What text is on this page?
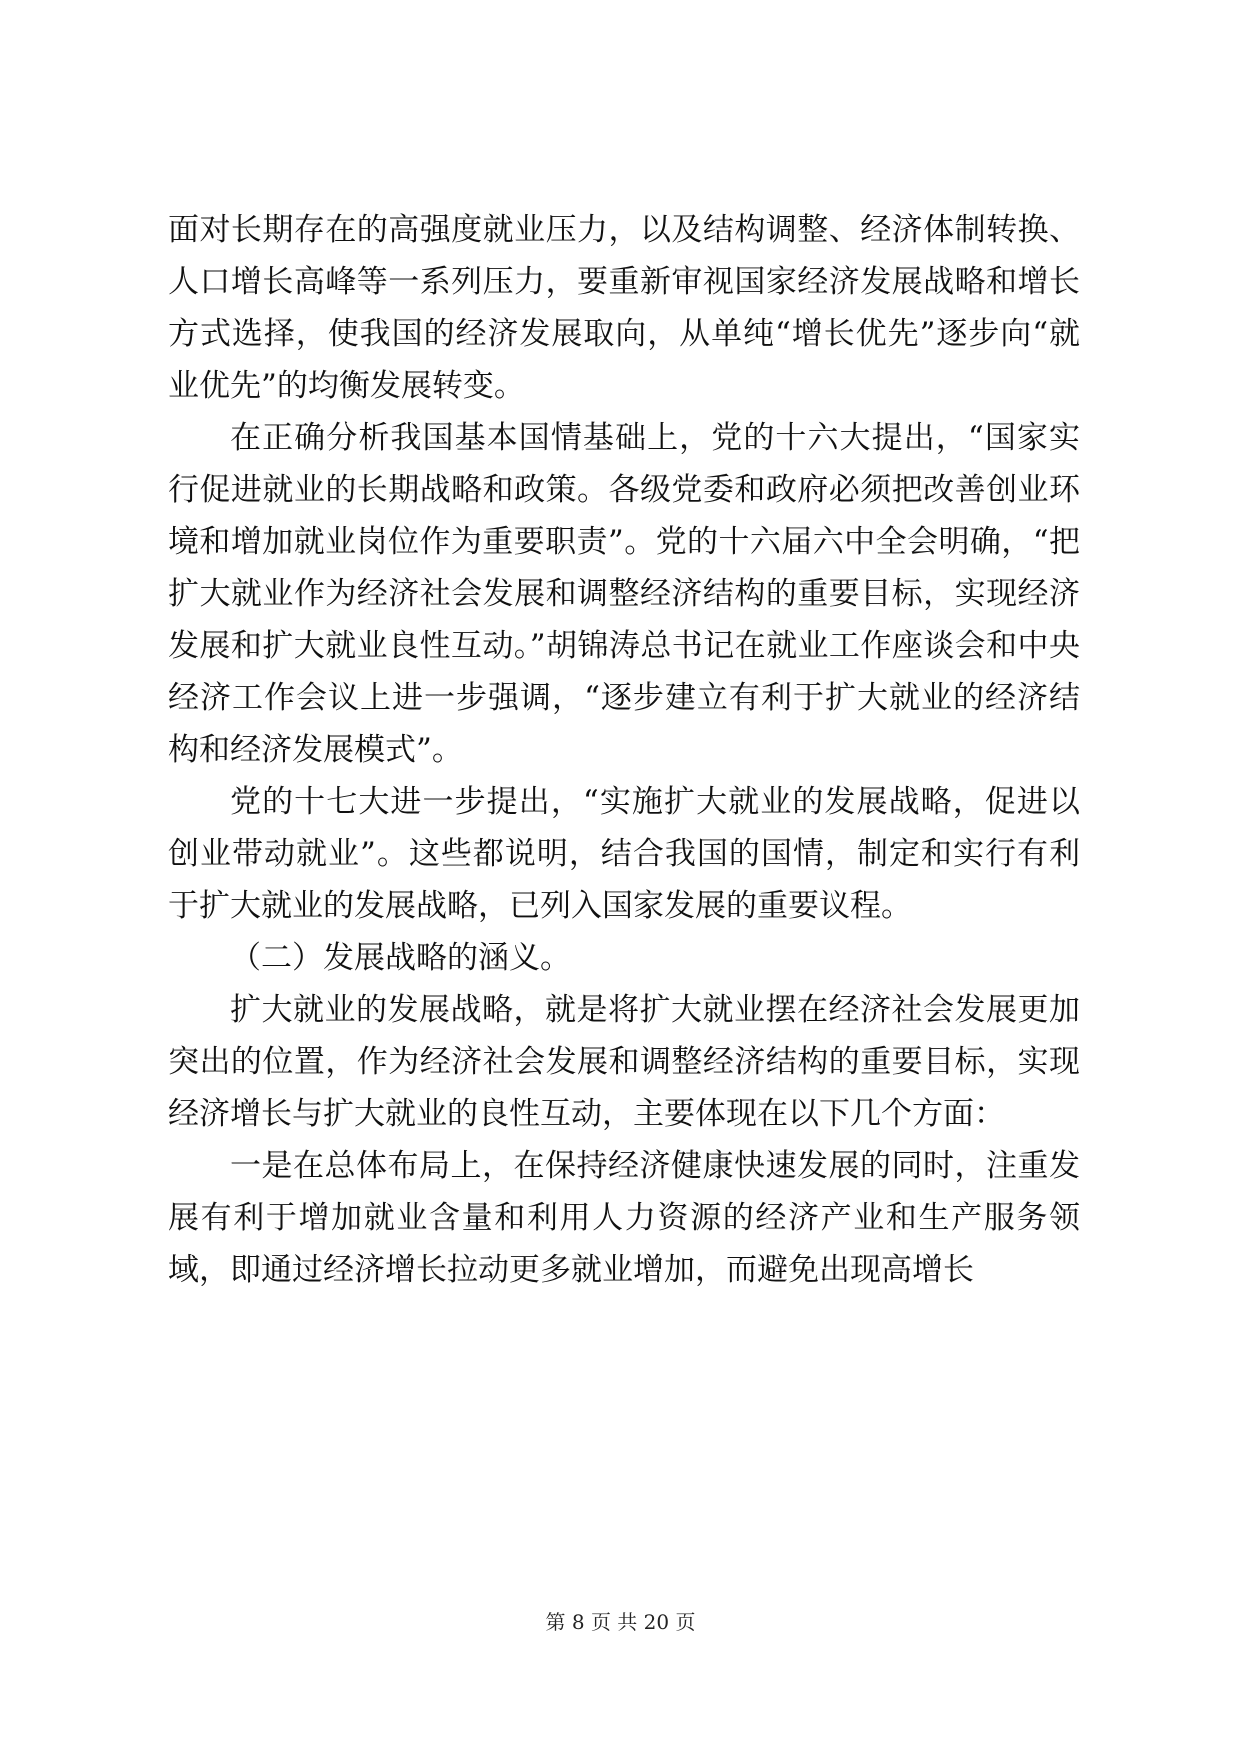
面对长期存在的高强度就业压力，以及结构调整、经济体制转换、人口增长高峰等一系列压力，要重新审视国家经济发展战略和增长方式选择，使我国的经济发展取向，从单纯“增长优先”逐步向“就业优先”的均衡发展转变。

在正确分析我国基本国情基础上，党的十六大提出，“国家实行促进就业的长期战略和政策。各级党委和政府必须把改善创业环境和增加就业岗位作为重要职责”。党的十六届六中全会明确，“把扩大就业作为经济社会发展和调整经济结构的重要目标，实现经济发展和扩大就业良性互动。”胡锦涛总书记在就业工作座谈会和中央经济工作会议上进一步强调，“逐步建立有利于扩大就业的经济结构和经济发展模式”。

党的十七大进一步提出，“实施扩大就业的发展战略，促进以创业带动就业”。这些都说明，结合我国的国情，制定和实行有利于扩大就业的发展战略，已列入国家发展的重要议程。

（二）发展战略的涵义。

扩大就业的发展战略，就是将扩大就业摆在经济社会发展更加突出的位置，作为经济社会发展和调整经济结构的重要目标，实现经济增长与扩大就业的良性互动，主要体现在以下几个方面：

一是在总体布局上，在保持经济健康快速发展的同时，注重发展有利于增加就业含量和利用人力资源的经济产业和生产服务领域，即通过经济增长拉动更多就业增加，而避免出现高增长

第 8 页 共 20 页
